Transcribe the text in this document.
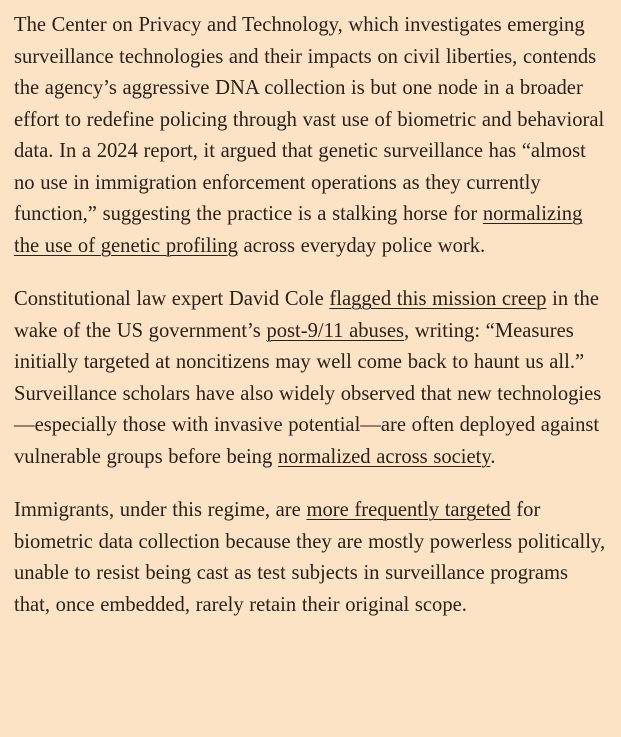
The Center on Privacy and Technology, which investigates emerging surveillance technologies and their impacts on civil liberties, contends the agency’s aggressive DNA collection is but one node in a broader effort to redefine policing through vast use of biometric and behavioral data. In a 2024 report, it argued that genetic surveillance has “almost no use in immigration enforcement operations as they currently function,” suggesting the practice is a stalking horse for normalizing the use of genetic profiling across everyday police work.

Constitutional law expert David Cole flagged this mission creep in the wake of the US government’s post-9/11 abuses, writing: “Measures initially targeted at noncitizens may well come back to haunt us all.” Surveillance scholars have also widely observed that new technologies—especially those with invasive potential—are often deployed against vulnerable groups before being normalized across society.

Immigrants, under this regime, are more frequently targeted for biometric data collection because they are mostly powerless politically, unable to resist being cast as test subjects in surveillance programs that, once embedded, rarely retain their original scope.
